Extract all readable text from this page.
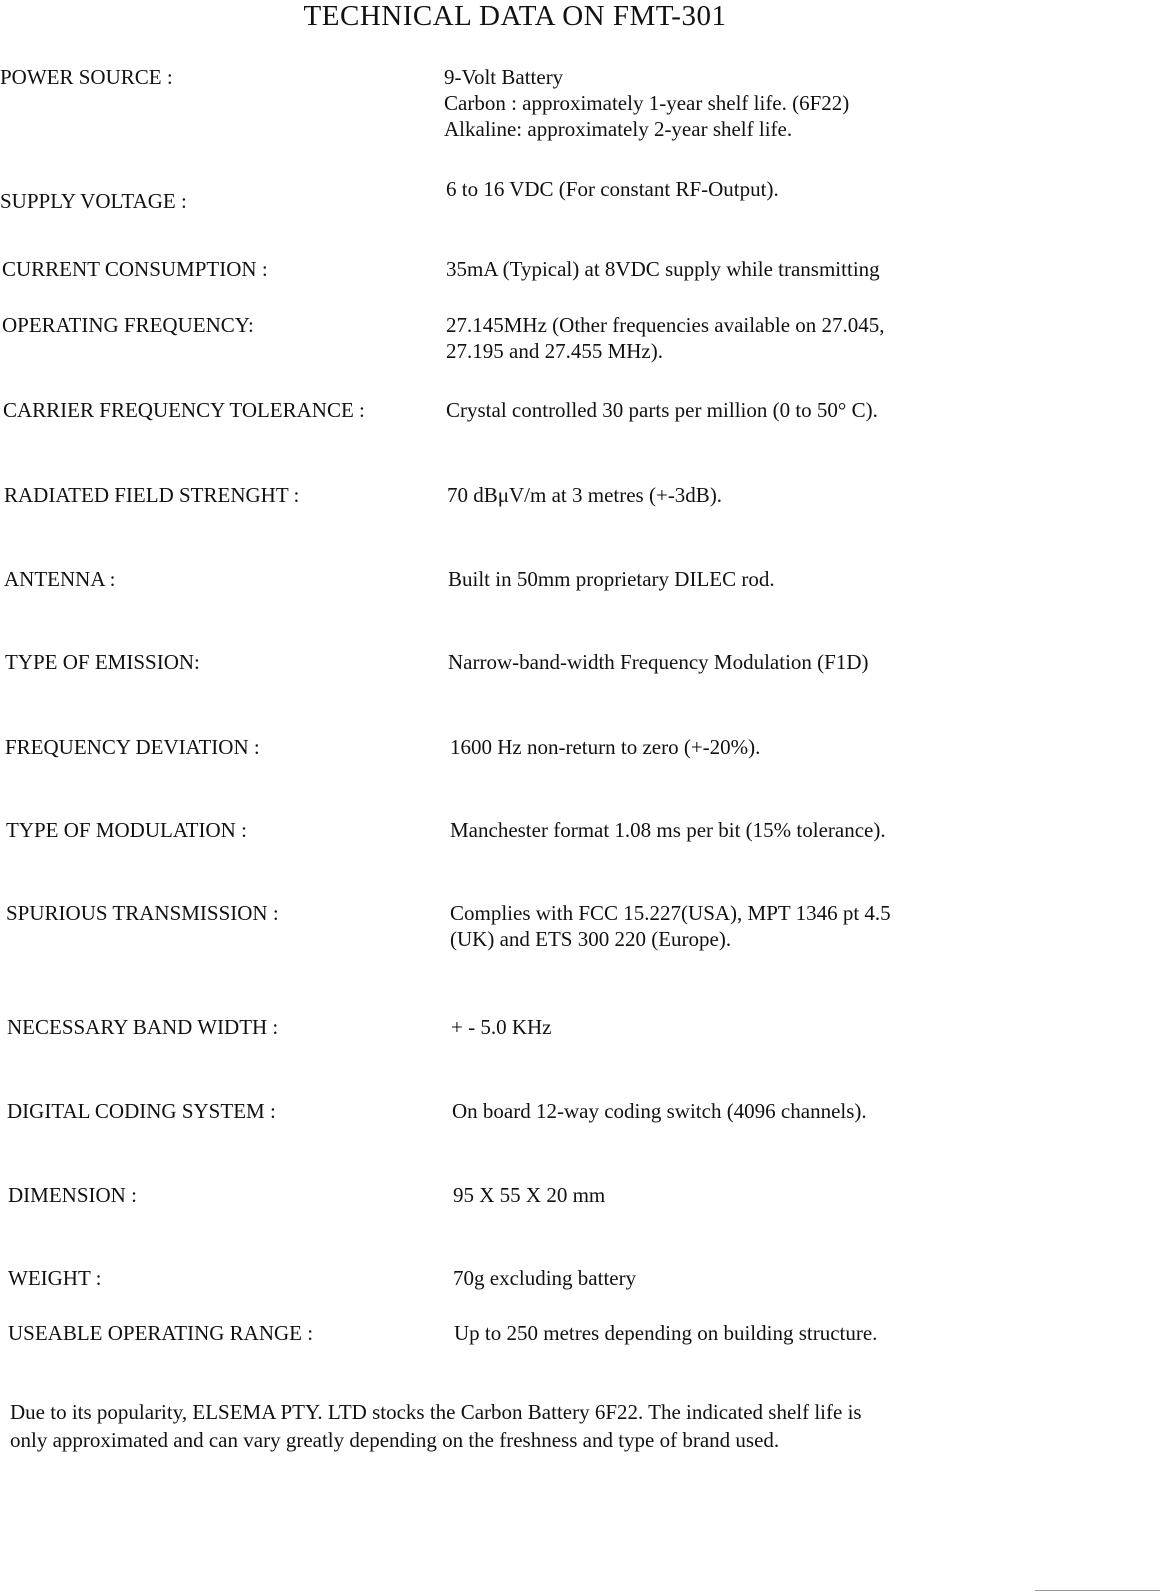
TECHNICAL DATA ON FMT-301
POWER SOURCE :	9-Volt Battery
Carbon : approximately 1-year shelf life. (6F22)
Alkaline: approximately 2-year shelf life.
SUPPLY VOLTAGE :	6 to 16 VDC (For constant RF-Output).
CURRENT CONSUMPTION :	35mA (Typical) at 8VDC supply while transmitting
OPERATING FREQUENCY:	27.145MHz (Other frequencies available on 27.045,
27.195 and 27.455 MHz).
CARRIER FREQUENCY TOLERANCE :	Crystal controlled 30 parts per million (0 to 50° C).
RADIATED FIELD STRENGHT :	70 dBμV/m at 3 metres (+-3dB).
ANTENNA :	Built in 50mm proprietary DILEC rod.
TYPE OF EMISSION:	Narrow-band-width Frequency Modulation (F1D)
FREQUENCY DEVIATION :	1600 Hz non-return to zero (+-20%).
TYPE OF MODULATION :	Manchester format 1.08 ms per bit (15% tolerance).
SPURIOUS TRANSMISSION :	Complies with FCC 15.227(USA), MPT 1346 pt 4.5
(UK) and ETS 300 220 (Europe).
NECESSARY BAND WIDTH :	+ - 5.0 KHz
DIGITAL CODING SYSTEM :	On board 12-way coding switch (4096 channels).
DIMENSION :	95 X 55 X 20 mm
WEIGHT :	70g excluding battery
USEABLE OPERATING RANGE :	Up to 250 metres depending on building structure.
Due to its popularity, ELSEMA PTY. LTD stocks the Carbon Battery 6F22. The indicated shelf life is
only approximated and can vary greatly depending on the freshness and type of brand used.
